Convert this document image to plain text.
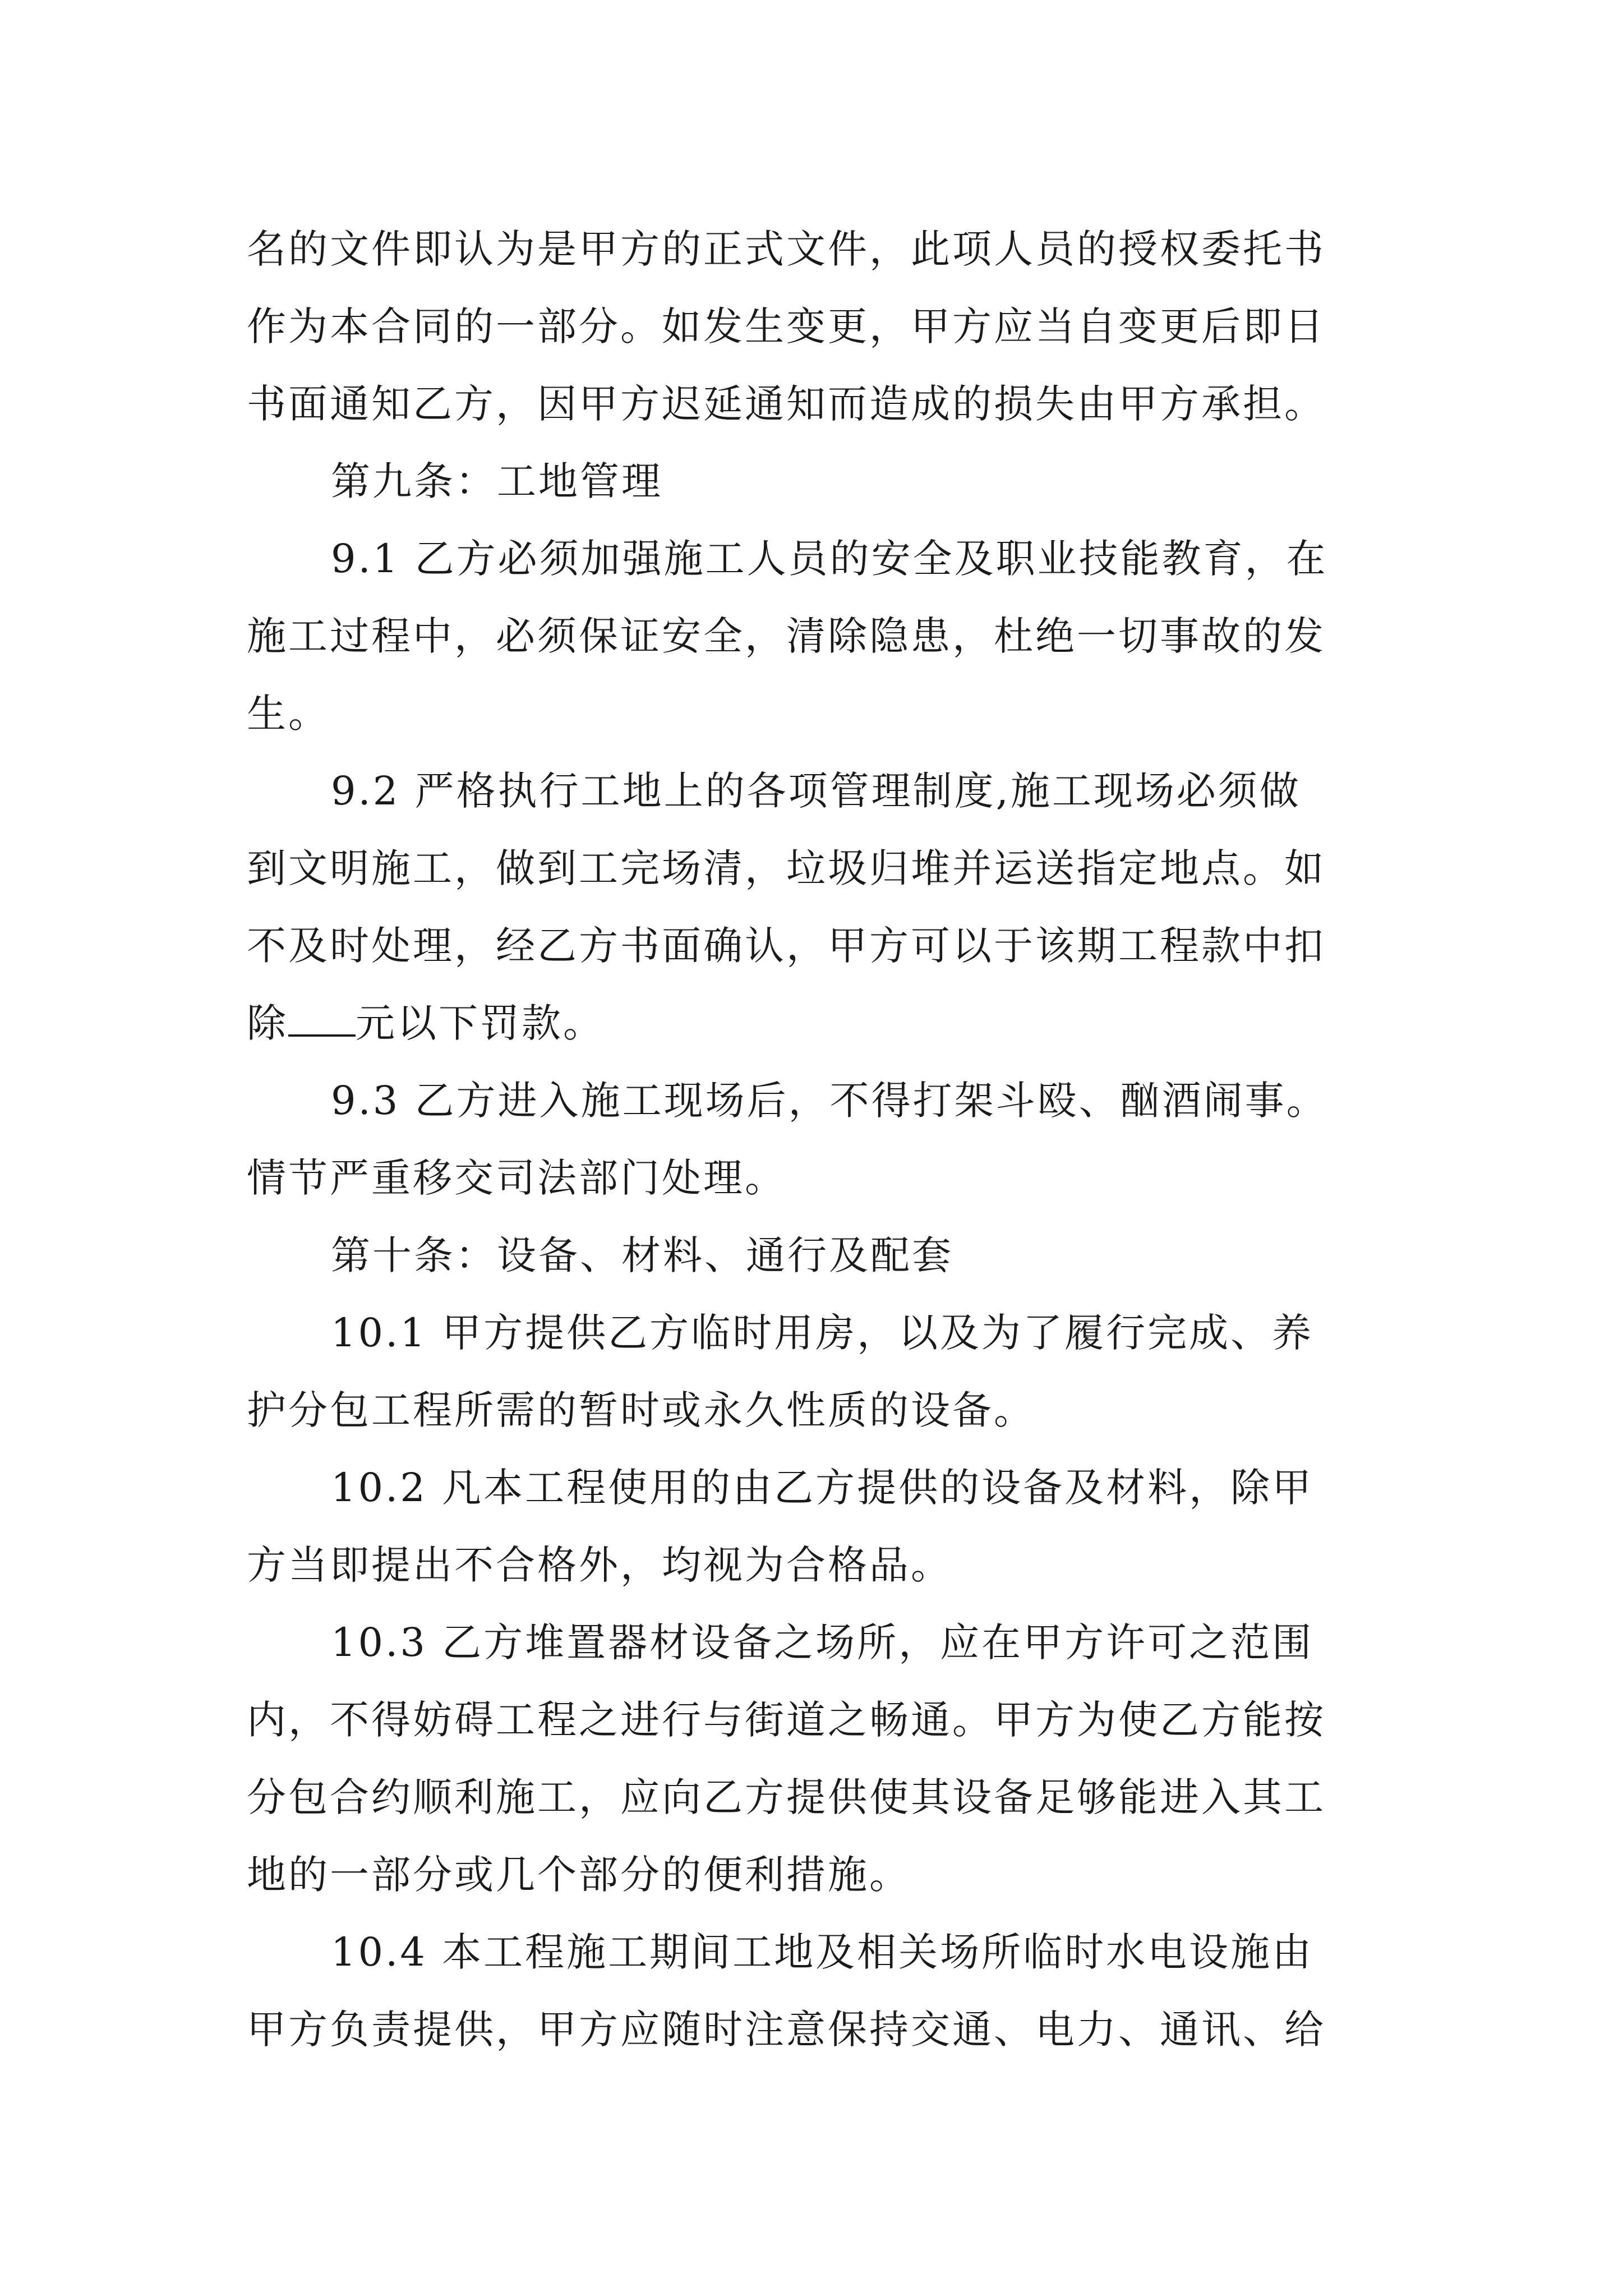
名的文件即认为是甲方的正式文件，此项人员的授权委托书
作为本合同的一部分。如发生变更，甲方应当自变更后即日
书面通知乙方，因甲方迟延通知而造成的损失由甲方承担。
第九条：工地管理
9.1 乙方必须加强施工人员的安全及职业技能教育，在
施工过程中，必须保证安全，清除隐患，杜绝一切事故的发
生。
9.2 严格执行工地上的各项管理制度,施工现场必须做
到文明施工，做到工完场清，垃圾归堆并运送指定地点。如
不及时处理，经乙方书面确认，甲方可以于该期工程款中扣
除 元以下罚款。
9.3 乙方进入施工现场后，不得打架斗殴、酗酒闹事。
情节严重移交司法部门处理。
第十条：设备、材料、通行及配套
10.1 甲方提供乙方临时用房，以及为了履行完成、养
护分包工程所需的暂时或永久性质的设备。
10.2 凡本工程使用的由乙方提供的设备及材料，除甲
方当即提出不合格外，均视为合格品。
10.3 乙方堆置器材设备之场所，应在甲方许可之范围
内，不得妨碍工程之进行与街道之畅通。甲方为使乙方能按
分包合约顺利施工，应向乙方提供使其设备足够能进入其工
地的一部分或几个部分的便利措施。
10.4 本工程施工期间工地及相关场所临时水电设施由
甲方负责提供，甲方应随时注意保持交通、电力、通讯、给
